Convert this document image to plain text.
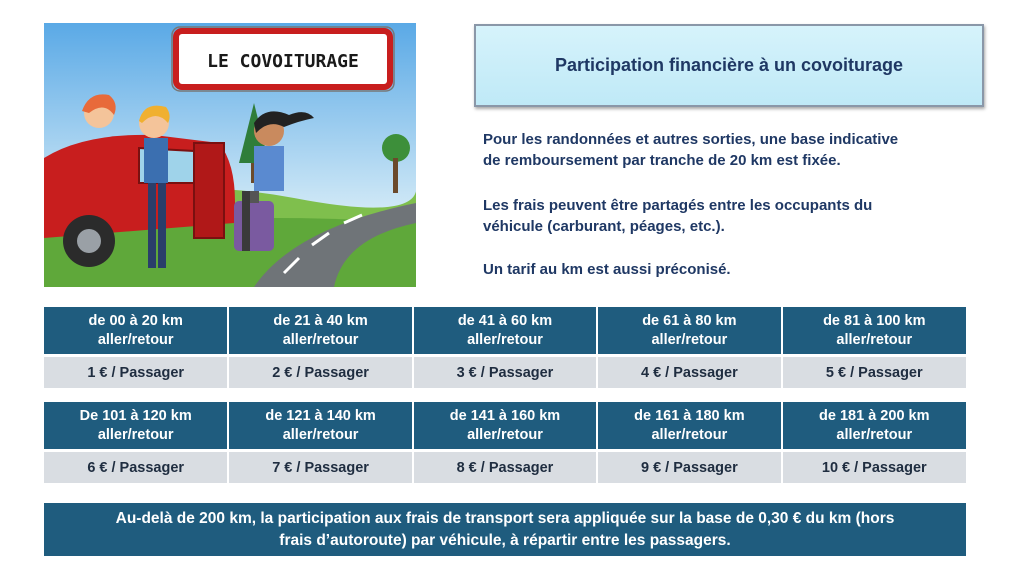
LE COVOITURAGE	Participation financière à un covoiturage

Pour les randonnées et autres sorties, une base indicative
de remboursement par tranche de 20 km est fixée.

Les frais peuvent être partagés entre les occupants du
véhicule (carburant, péages, etc.).

Un tarif au km est aussi préconisé.

de 00 à 20 km
aller/retour	de 21 à 40 km
aller/retour	de 41 à 60 km
aller/retour	de 61 à 80 km
aller/retour	de 81 à 100 km
aller/retour

1 € / Passager	2 € / Passager	3 € / Passager	4 € / Passager	5 € / Passager
De 101 à 120 km
aller/retour	de 121 à 140 km
aller/retour	de 141 à 160 km
aller/retour	de 161 à 180 km
aller/retour	de 181 à 200 km
aller/retour

6 € / Passager	7 € / Passager	8 € / Passager	9 € / Passager	10 € / Passager
Au-delà de 200 km, la participation aux frais de transport sera appliquée sur la base de 0,30 € du km (hors
frais d’autoroute) par véhicule, à répartir entre les passagers.
